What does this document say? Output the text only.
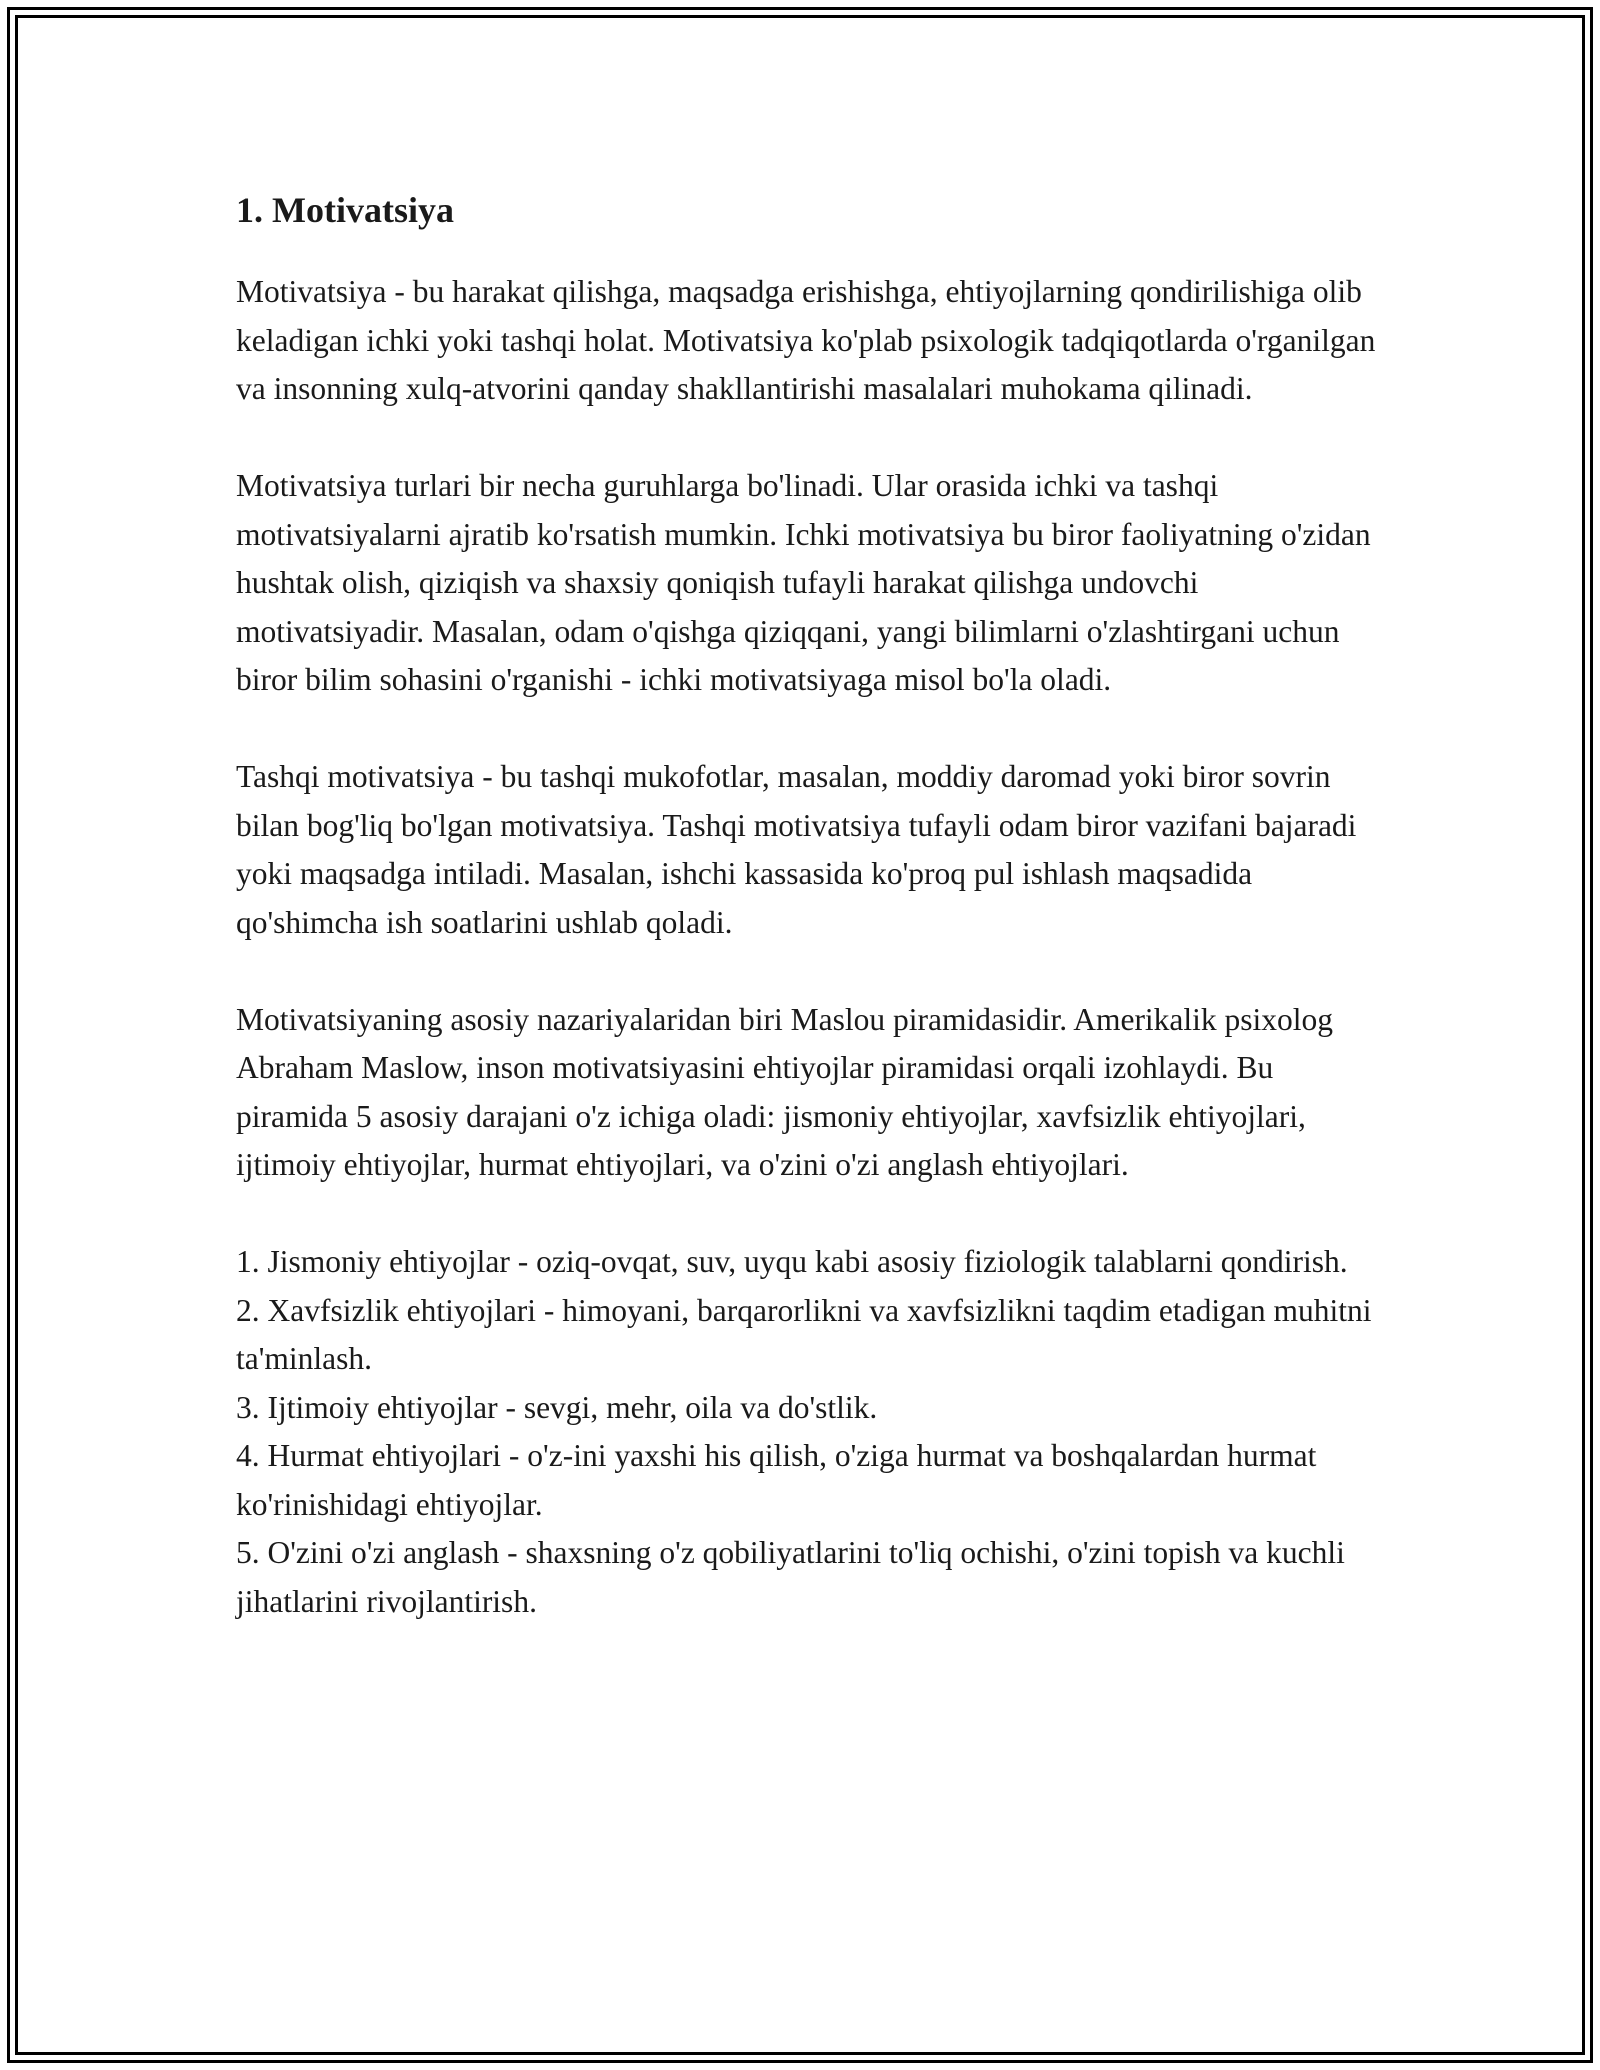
1. Motivatsiya

Motivatsiya - bu harakat qilishga, maqsadga erishishga, ehtiyojlarning qondirilishiga olib keladigan ichki yoki tashqi holat. Motivatsiya ko'plab psixologik tadqiqotlarda o'rganilgan va insonning xulq-atvorini qanday shakllantirishi masalalari muhokama qilinadi.

Motivatsiya turlari bir necha guruhlarga bo'linadi. Ular orasida ichki va tashqi motivatsiyalarni ajratib ko'rsatish mumkin. Ichki motivatsiya bu biror faoliyatning o'zidan hushtak olish, qiziqish va shaxsiy qoniqish tufayli harakat qilishga undovchi motivatsiyadir. Masalan, odam o'qishga qiziqqani, yangi bilimlarni o'zlashtirgani uchun biror bilim sohasini o'rganishi - ichki motivatsiyaga misol bo'la oladi.

Tashqi motivatsiya - bu tashqi mukofotlar, masalan, moddiy daromad yoki biror sovrin bilan bog'liq bo'lgan motivatsiya. Tashqi motivatsiya tufayli odam biror vazifani bajaradi yoki maqsadga intiladi. Masalan, ishchi kassasida ko'proq pul ishlash maqsadida qo'shimcha ish soatlarini ushlab qoladi.

Motivatsiyaning asosiy nazariyalaridan biri Maslou piramidasidir. Amerikalik psixolog Abraham Maslow, inson motivatsiyasini ehtiyojlar piramidasi orqali izohlaydi. Bu piramida 5 asosiy darajani o'z ichiga oladi: jismoniy ehtiyojlar, xavfsizlik ehtiyojlari, ijtimoiy ehtiyojlar, hurmat ehtiyojlari, va o'zini o'zi anglash ehtiyojlari.

1. Jismoniy ehtiyojlar - oziq-ovqat, suv, uyqu kabi asosiy fiziologik talablarni qondirish.
2. Xavfsizlik ehtiyojlari - himoyani, barqarorlikni va xavfsizlikni taqdim etadigan muhitni ta'minlash.
3. Ijtimoiy ehtiyojlar - sevgi, mehr, oila va do'stlik.
4. Hurmat ehtiyojlari - o'z-ini yaxshi his qilish, o'ziga hurmat va boshqalardan hurmat ko'rinishidagi ehtiyojlar.
5. O'zini o'zi anglash - shaxsning o'z qobiliyatlarini to'liq ochishi, o'zini topish va kuchli jihatlarini rivojlantirish.
